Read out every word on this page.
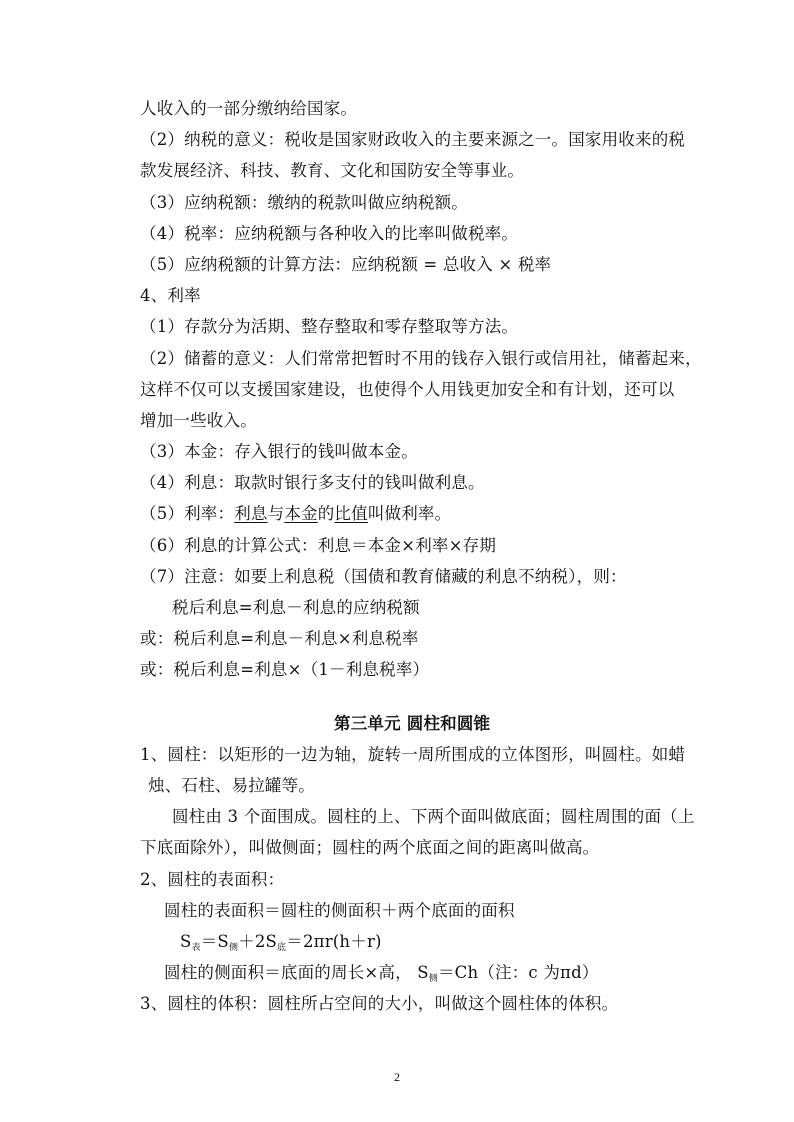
人收入的一部分缴纳给国家。
（2）纳税的意义：税收是国家财政收入的主要来源之一。国家用收来的税
款发展经济、科技、教育、文化和国防安全等事业。
（3）应纳税额：缴纳的税款叫做应纳税额。
（4）税率：应纳税额与各种收入的比率叫做税率。
（5）应纳税额的计算方法：应纳税额 = 总收入 × 税率
4、利率
（1）存款分为活期、整存整取和零存整取等方法。
（2）储蓄的意义：人们常常把暂时不用的钱存入银行或信用社，储蓄起来，
这样不仅可以支援国家建设，也使得个人用钱更加安全和有计划，还可以
增加一些收入。
（3）本金：存入银行的钱叫做本金。
（4）利息：取款时银行多支付的钱叫做利息。
（5）利率：利息与本金的比值叫做利率。
（6）利息的计算公式：利息＝本金×利率×存期
（7）注意：如要上利息税（国债和教育储藏的利息不纳税），则：
税后利息=利息－利息的应纳税额
或：税后利息=利息－利息×利息税率
或：税后利息=利息×（1－利息税率）
第三单元 圆柱和圆锥
1、圆柱：以矩形的一边为轴，旋转一周所围成的立体图形，叫圆柱。如蜡
烛、石柱、易拉罐等。
圆柱由 3 个面围成。圆柱的上、下两个面叫做底面；圆柱周围的面（上
下底面除外），叫做侧面；圆柱的两个底面之间的距离叫做高。
2、圆柱的表面积：
圆柱的表面积＝圆柱的侧面积＋两个底面的面积
$S_表=S_侧+2S_底=2\pi r(h+r)$
圆柱的侧面积＝底面的周长×高， $S_侧=Ch$（注：c 为πd）
3、圆柱的体积：圆柱所占空间的大小，叫做这个圆柱体的体积。
2
